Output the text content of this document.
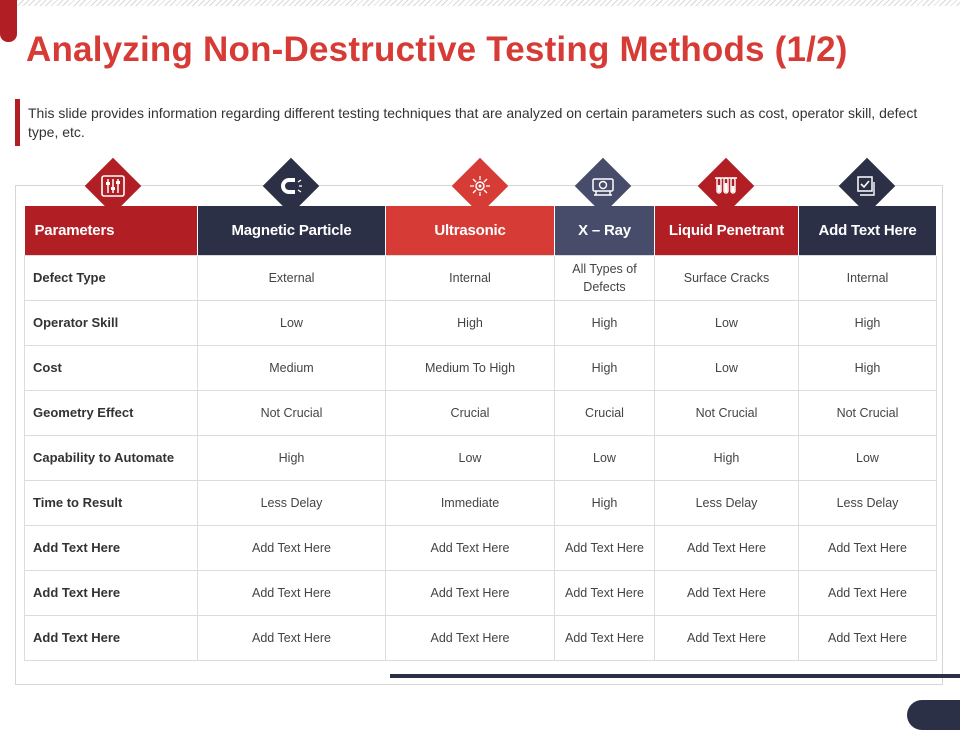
Analyzing Non-Destructive Testing Methods (1/2)

This slide provides information regarding different testing techniques that are analyzed on certain parameters such as cost, operator skill, defect type, etc.

Parameters	Magnetic Particle	Ultrasonic	X – Ray	Liquid Penetrant	Add Text Here
Defect Type	External	Internal	All Types of Defects	Surface Cracks	Internal
Operator Skill	Low	High	High	Low	High
Cost	Medium	Medium To High	High	Low	High
Geometry Effect	Not Crucial	Crucial	Crucial	Not Crucial	Not Crucial
Capability to Automate	High	Low	Low	High	Low
Time to Result	Less Delay	Immediate	High	Less Delay	Less Delay
Add Text Here	Add Text Here	Add Text Here	Add Text Here	Add Text Here	Add Text Here
Add Text Here	Add Text Here	Add Text Here	Add Text Here	Add Text Here	Add Text Here
Add Text Here	Add Text Here	Add Text Here	Add Text Here	Add Text Here	Add Text Here
